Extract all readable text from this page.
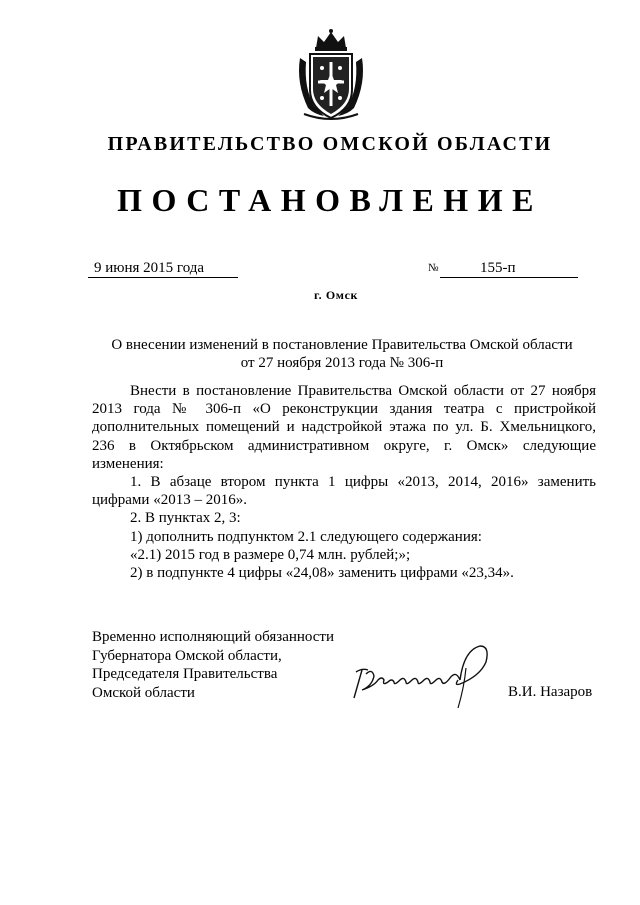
ПРАВИТЕЛЬСТВО ОМСКОЙ ОБЛАСТИ
ПОСТАНОВЛЕНИЕ
9 июня 2015 года	№	155-п
г. Омск
О внесении изменений в постановление Правительства Омской области
от 27 ноября 2013 года № 306-п

Внести в постановление Правительства Омской области от 27 ноября 2013 года № 306-п «О реконструкции здания театра с пристройкой дополнительных помещений и надстройкой этажа по ул. Б. Хмельницкого, 236 в Октябрьском административном округе, г. Омск» следующие изменения:

1. В абзаце втором пункта 1 цифры «2013, 2014, 2016» заменить цифрами «2013 – 2016».

2. В пунктах 2, 3:

1) дополнить подпунктом 2.1 следующего содержания:

«2.1) 2015 год в размере 0,74 млн. рублей;»;

2) в подпункте 4 цифры «24,08» заменить цифрами «23,34».

Временно исполняющий обязанности
Губернатора Омской области,
Председателя Правительства
Омской области	В.И. Назаров
